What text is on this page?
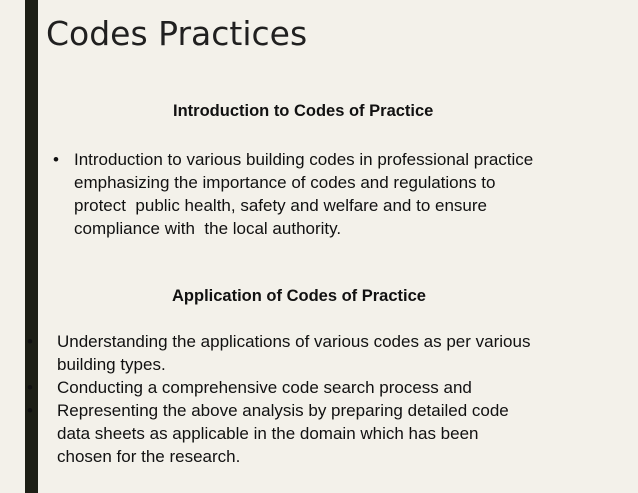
Codes Practices
Introduction to Codes of Practice
• Introduction to various building codes in professional practice
emphasizing the importance of codes and regulations to
protect  public health, safety and welfare and to ensure
compliance with  the local authority.
Application of Codes of Practice
• Understanding the applications of various codes as per various
building types.
• Conducting a comprehensive code search process and
• Representing the above analysis by preparing detailed code
data sheets as applicable in the domain which has been
chosen for the research.
